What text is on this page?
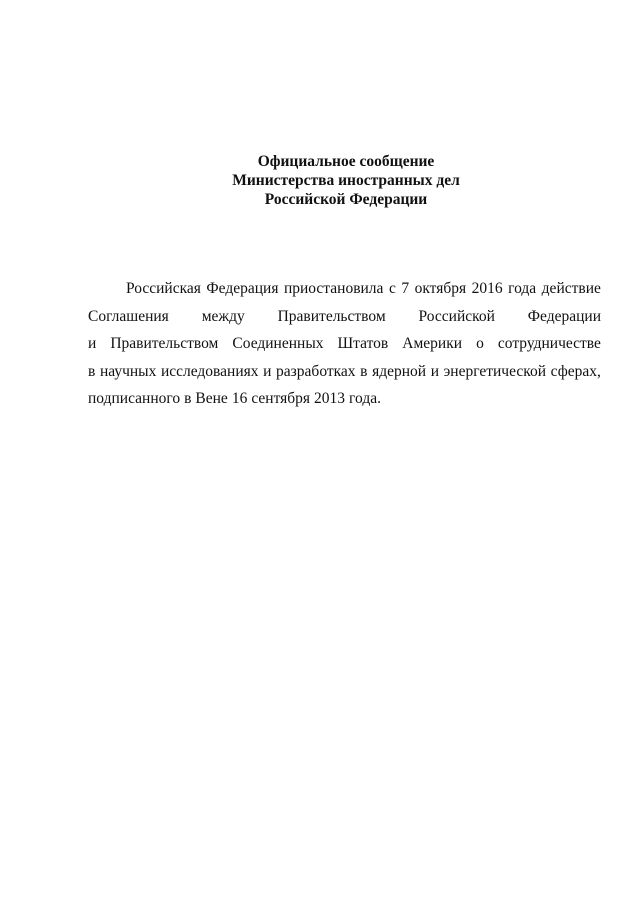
Официальное сообщение
Министерства иностранных дел
Российской Федерации
Российская Федерация приостановила с 7 октября 2016 года действие
Соглашения между Правительством Российской Федерации
и Правительством Соединенных Штатов Америки о сотрудничестве
в научных исследованиях и разработках в ядерной и энергетической сферах,
подписанного в Вене 16 сентября 2013 года.
